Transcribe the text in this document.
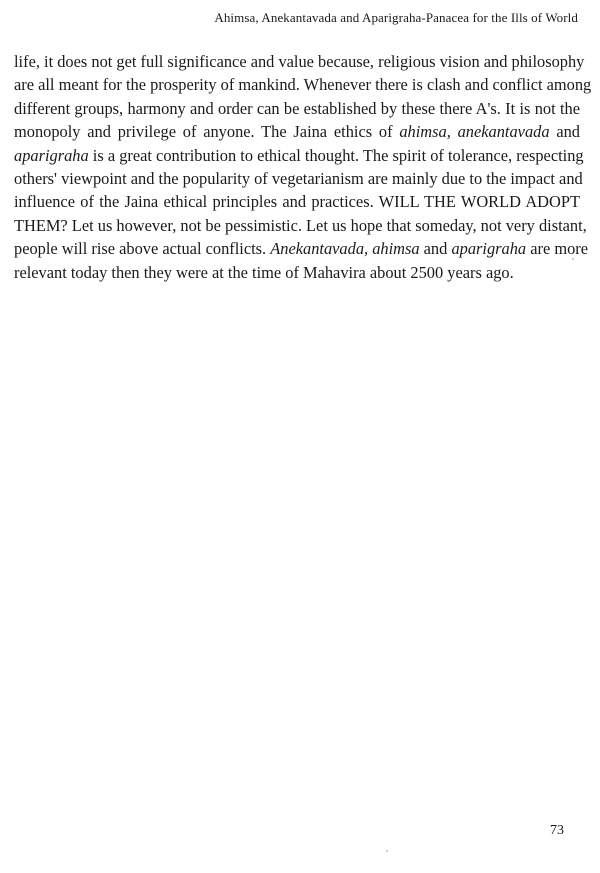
Ahimsa, Anekantavada and Aparigraha-Panacea for the Ills of World
life, it does not get full significance and value because, religious vision and philosophy
are all meant for the prosperity of mankind. Whenever there is clash and conflict among
different groups, harmony and order can be established by these there A's. It is not the
monopoly and privilege of anyone. The Jaina ethics of ahimsa, anekantavada and
aparigraha is a great contribution to ethical thought. The spirit of tolerance, respecting
others' viewpoint and the popularity of vegetarianism are mainly due to the impact and
influence of the Jaina ethical principles and practices. WILL THE WORLD ADOPT
THEM? Let us however, not be pessimistic. Let us hope that someday, not very distant,
people will rise above actual conflicts. Anekantavada, ahimsa and aparigraha are more
relevant today then they were at the time of Mahavira about 2500 years ago.
73
